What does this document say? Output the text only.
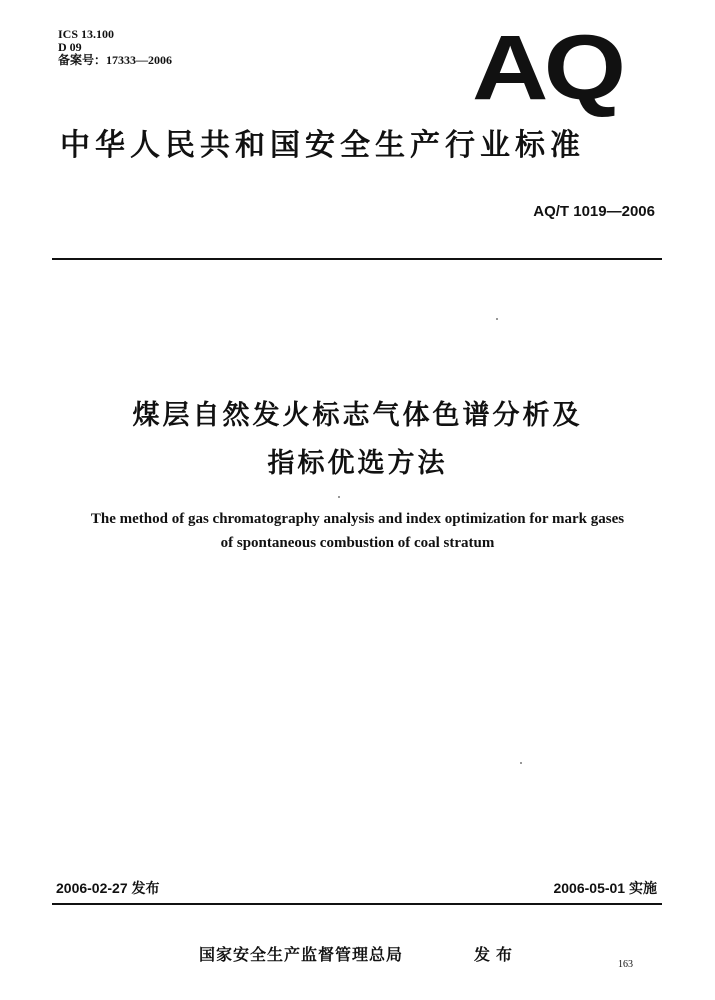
ICS 13.100
D 09
备案号：17333—2006	AQ
中华人民共和国安全生产行业标准
AQ/T 1019—2006
煤层自然发火标志气体色谱分析及
指标优选方法
The method of gas chromatography analysis and index optimization for mark gases
of spontaneous combustion of coal stratum
2006-02-27 发布	2006-05-01 实施
国家安全生产监督管理总局	发布
163
